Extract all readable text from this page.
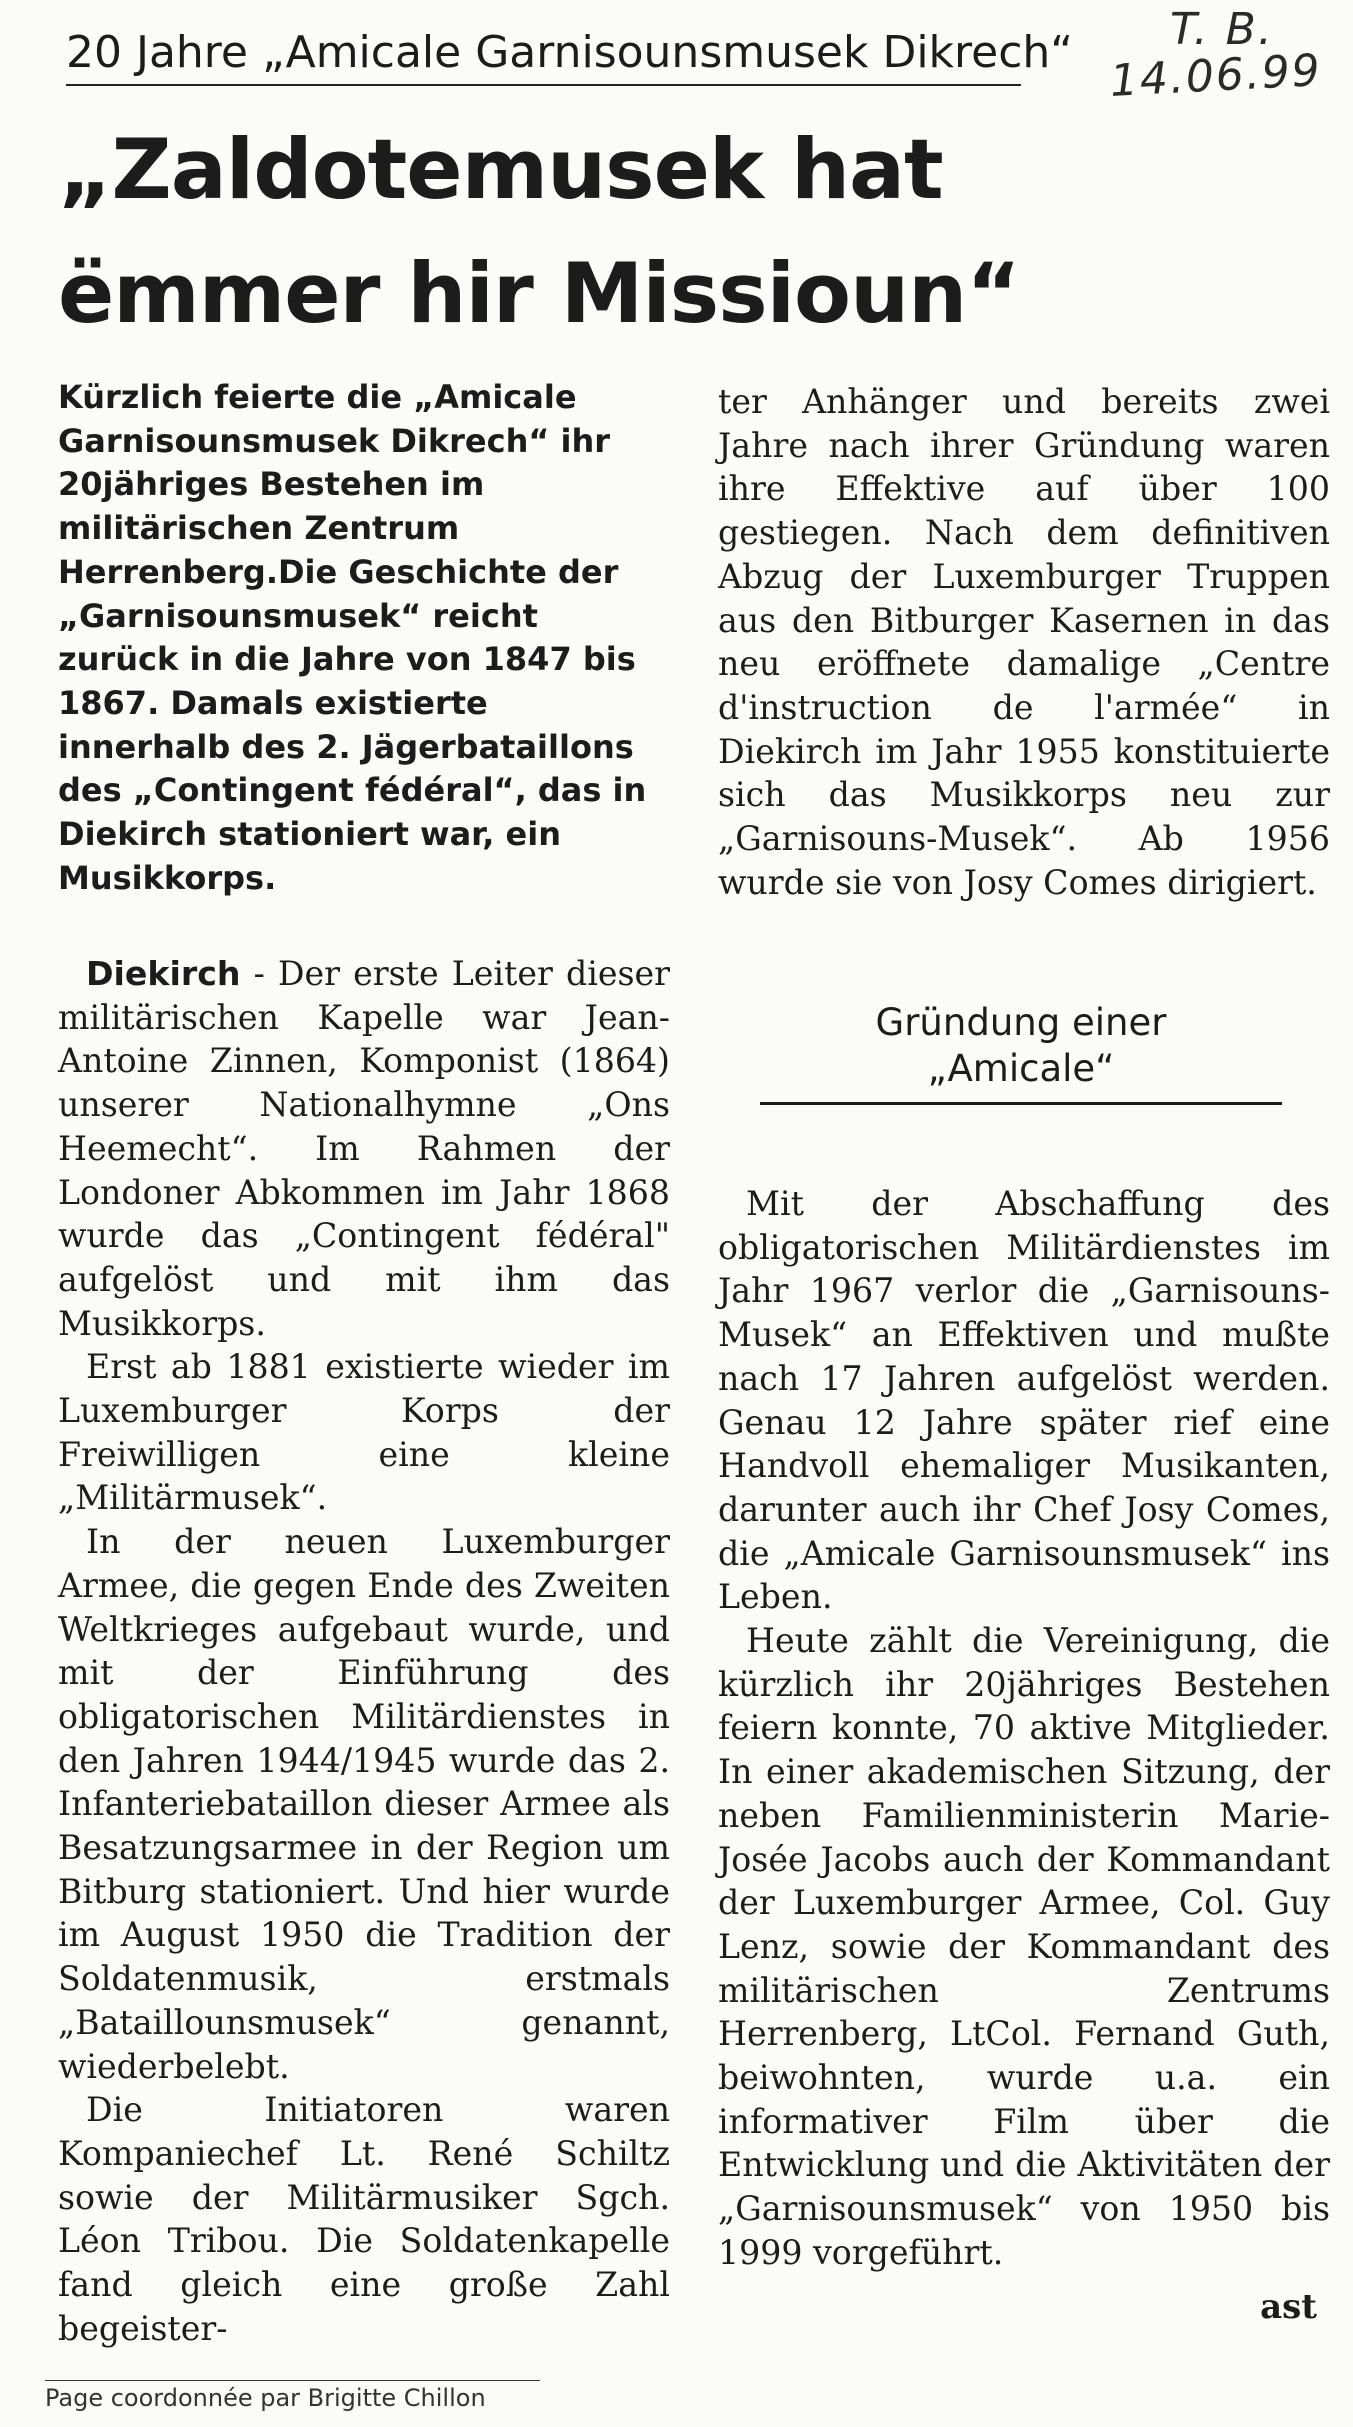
20 Jahre „Amicale Garnisounsmusek Dikrech“	T. B.
14.06.99
„Zaldotemusek hat
ëmmer hir Missioun“

Kürzlich feierte die „Amicale Garnisounsmusek Dikrech“ ihr 20jähriges Bestehen im militärischen Zentrum Herrenberg.Die Geschichte der „Garnisounsmusek“ reicht zurück in die Jahre von 1847 bis 1867. Damals existierte innerhalb des 2. Jägerbataillons des „Contingent fédéral“, das in Diekirch stationiert war, ein Musikkorps.

Diekirch - Der erste Leiter dieser militärischen Kapelle war Jean-Antoine Zinnen, Komponist (1864) unserer Nationalhymne „Ons Heemecht“. Im Rahmen der Londoner Abkommen im Jahr 1868 wurde das „Contingent fédéral" aufgelöst und mit ihm das Musikkorps.

Erst ab 1881 existierte wieder im Luxemburger Korps der Freiwilligen eine kleine „Militärmusek“.

In der neuen Luxemburger Armee, die gegen Ende des Zweiten Weltkrieges aufgebaut wurde, und mit der Einführung des obligatorischen Militärdienstes in den Jahren 1944/1945 wurde das 2. Infanteriebataillon dieser Armee als Besatzungsarmee in der Region um Bitburg stationiert. Und hier wurde im August 1950 die Tradition der Soldatenmusik, erstmals „Bataillounsmusek“ genannt, wiederbelebt.

Die Initiatoren waren Kompaniechef Lt. René Schiltz sowie der Militärmusiker Sgch. Léon Tribou. Die Soldatenkapelle fand gleich eine große Zahl begeister-

ter Anhänger und bereits zwei Jahre nach ihrer Gründung waren ihre Effektive auf über 100 gestiegen. Nach dem definitiven Abzug der Luxemburger Truppen aus den Bitburger Kasernen in das neu eröffnete damalige „Centre d'instruction de l'armée“ in Diekirch im Jahr 1955 konstituierte sich das Musikkorps neu zur „Garnisouns-Musek“. Ab 1956 wurde sie von Josy Comes dirigiert.

Gründung einer
„Amicale“

Mit der Abschaffung des obligatorischen Militärdienstes im Jahr 1967 verlor die „Garnisouns-Musek“ an Effektiven und mußte nach 17 Jahren aufgelöst werden. Genau 12 Jahre später rief eine Handvoll ehemaliger Musikanten, darunter auch ihr Chef Josy Comes, die „Amicale Garnisounsmusek“ ins Leben.

Heute zählt die Vereinigung, die kürzlich ihr 20jähriges Bestehen feiern konnte, 70 aktive Mitglieder. In einer akademischen Sitzung, der neben Familienministerin Marie-Josée Jacobs auch der Kommandant der Luxemburger Armee, Col. Guy Lenz, sowie der Kommandant des militärischen Zentrums Herrenberg, LtCol. Fernand Guth, beiwohnten, wurde u.a. ein informativer Film über die Entwicklung und die Aktivitäten der „Garnisounsmusek“ von 1950 bis 1999 vorgeführt.

ast
Page coordonnée par Brigitte Chillon
